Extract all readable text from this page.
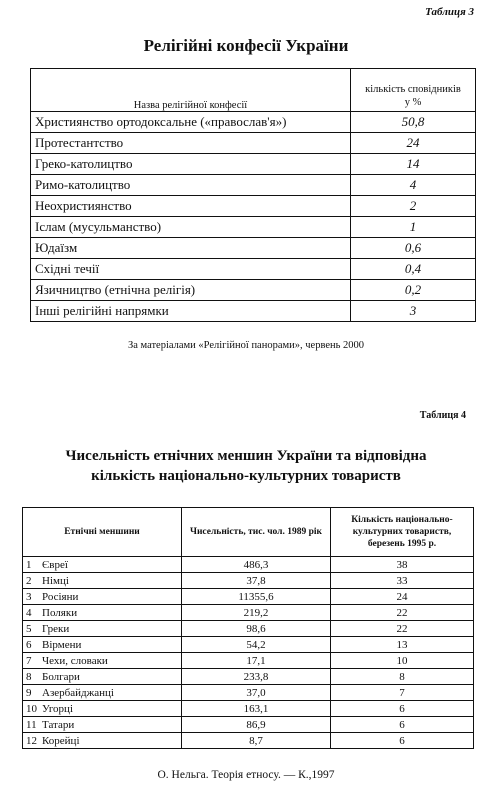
Таблиця 3
Релігійні конфесії України
Назва релігійної конфесії	кількість сповідників
у %
Християнство ортодоксальне («православ'я»)	50,8
Протестантство	24
Греко-католицтво	14
Римо-католицтво	4
Неохристиянство	2
Іслам (мусульманство)	1
Юдаїзм	0,6
Східні течії	0,4
Язичництво (етнічна релігія)	0,2
Інші релігійні напрямки	3
За матеріалами «Релігійної панорами», червень 2000
Таблиця 4
Чисельність етнічних меншин України та відповідна
кількість національно-культурних товариств
Етнічні меншини	Чисельність, тис. чол. 1989 рік	Кількість національно-культурних товариств, березень 1995 р.
1 Євреї	486,3	38
2 Німці	37,8	33
3 Росіяни	11355,6	24
4 Поляки	219,2	22
5 Греки	98,6	22
6 Вірмени	54,2	13
7 Чехи, словаки	17,1	10
8 Болгари	233,8	8
9 Азербайджанці	37,0	7
10 Угорці	163,1	6
11 Татари	86,9	6
12 Корейці	8,7	6
О. Нельга. Теорія етносу. — К.,1997
